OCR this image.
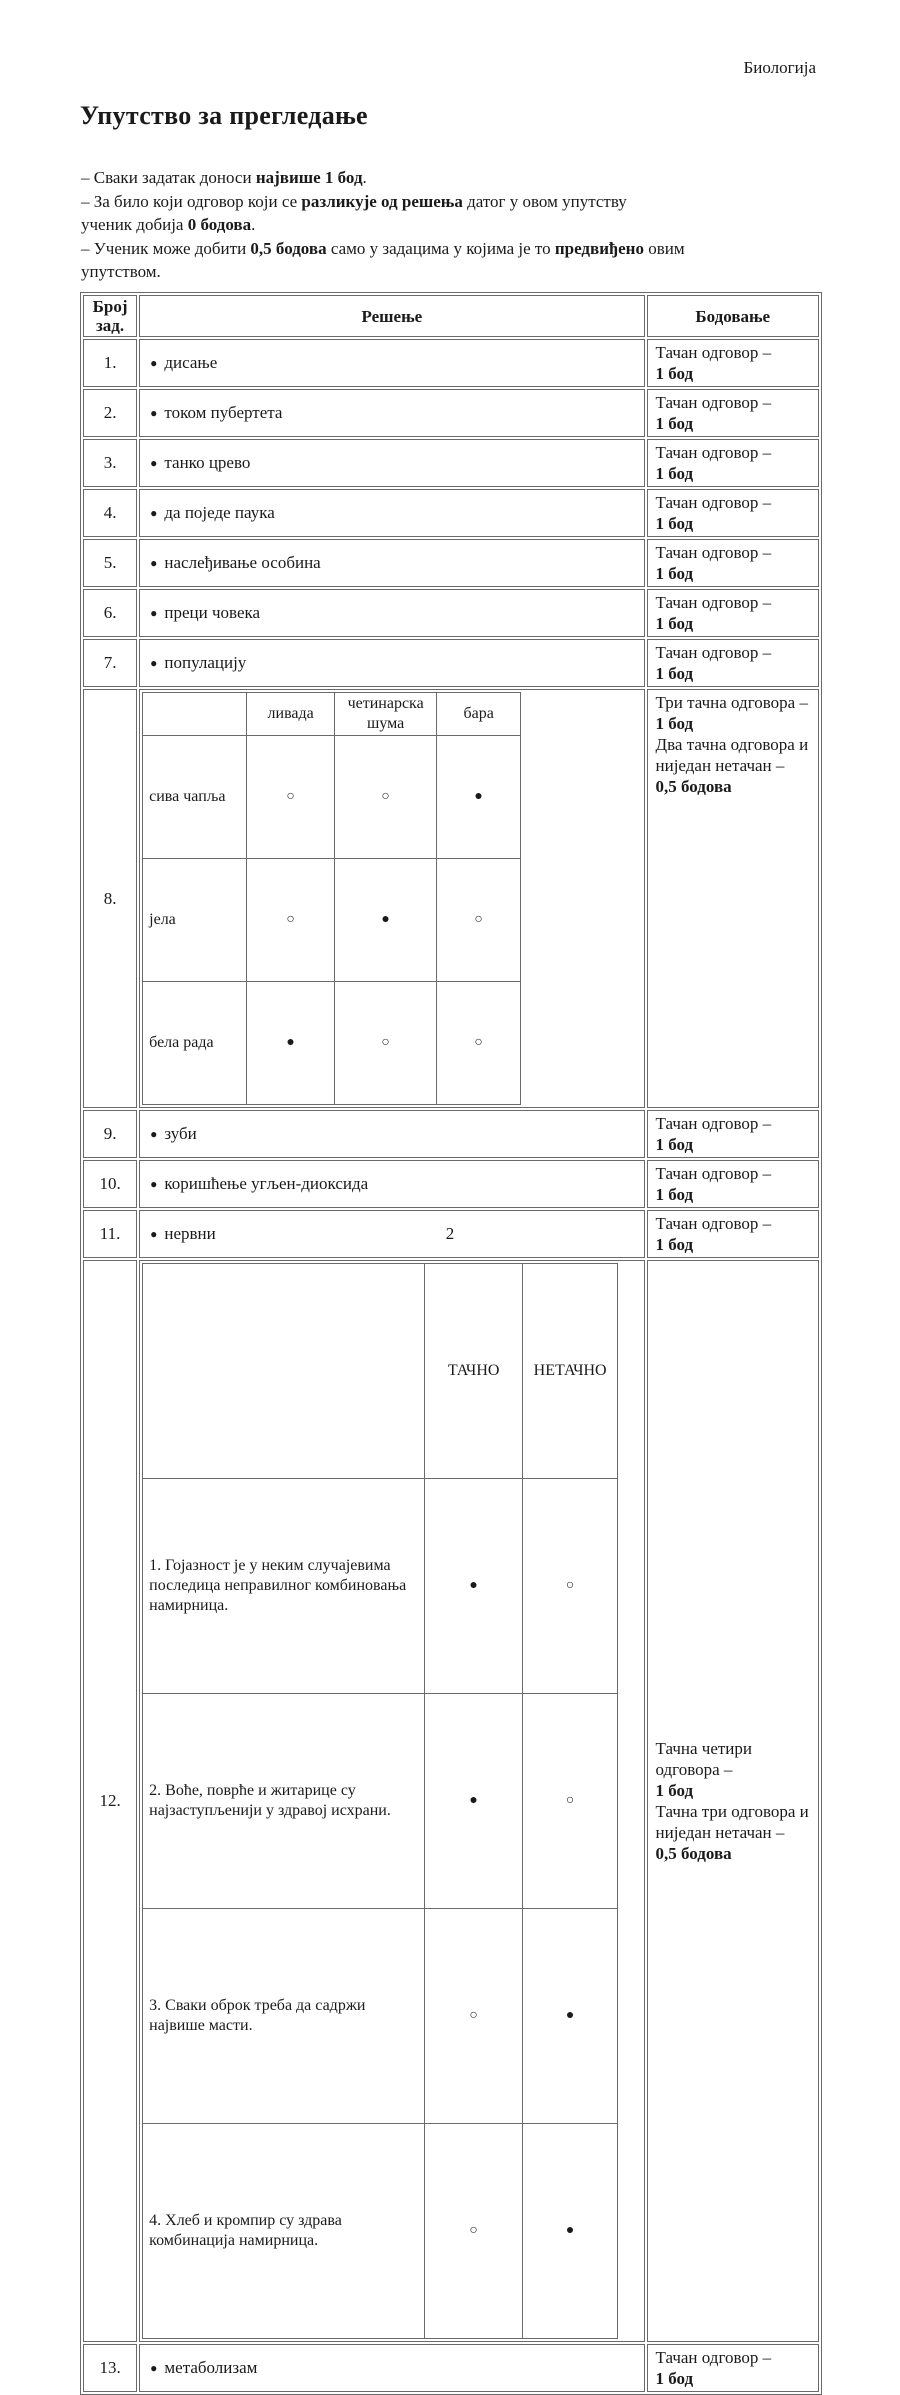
Биологија
Упутство за прегледање
– Сваки задатак доноси највише 1 бод.
– За било који одговор који се разликује од решења датог у овом упутству
ученик добија 0 бодова.
– Ученик може добити 0,5 бодова само у задацима у којима је то предвиђено овим
упутством.
Број зад.	Решење	Бодовање
1.	● дисање	Тачан одговор –
1 бод
2.	● током пубертета	Тачан одговор –
1 бод
3.	● танко црево	Тачан одговор –
1 бод
4.	● да поједе паука	Тачан одговор –
1 бод
5.	● наслеђивање особина	Тачан одговор –
1 бод
6.	● преци човека	Тачан одговор –
1 бод
7.	● популацију	Тачан одговор –
1 бод
8.	
	ливада	четинарска шума	бара
сива чапља	○	○	●
јела	○	●	○
бела рада	●	○	○
	Три тачна одговора –
1 бод
Два тачна одговора и ниједан нетачан –
0,5 бодова
9.	● зуби	Тачан одговор –
1 бод
10.	● коришћење угљен-диоксида	Тачан одговор –
1 бод
11.	● нервни	Тачан одговор –
1 бод
12.	
	ТАЧНО	НЕТАЧНО
1. Гојазност је у неким случајевима последица неправилног комбиновања намирница.	●	○
2. Воће, поврће и житарице су најзаступљенији у здравој исхрани.	●	○
3. Сваки оброк треба да садржи највише масти.	○	●
4. Хлеб и кромпир су здрава комбинација намирница.	○	●
	Тачна четири одговора –
1 бод
Тачна три одговора и ниједан нетачан –
0,5 бодова
13.	● метаболизам	Тачан одговор –
1 бод
2
